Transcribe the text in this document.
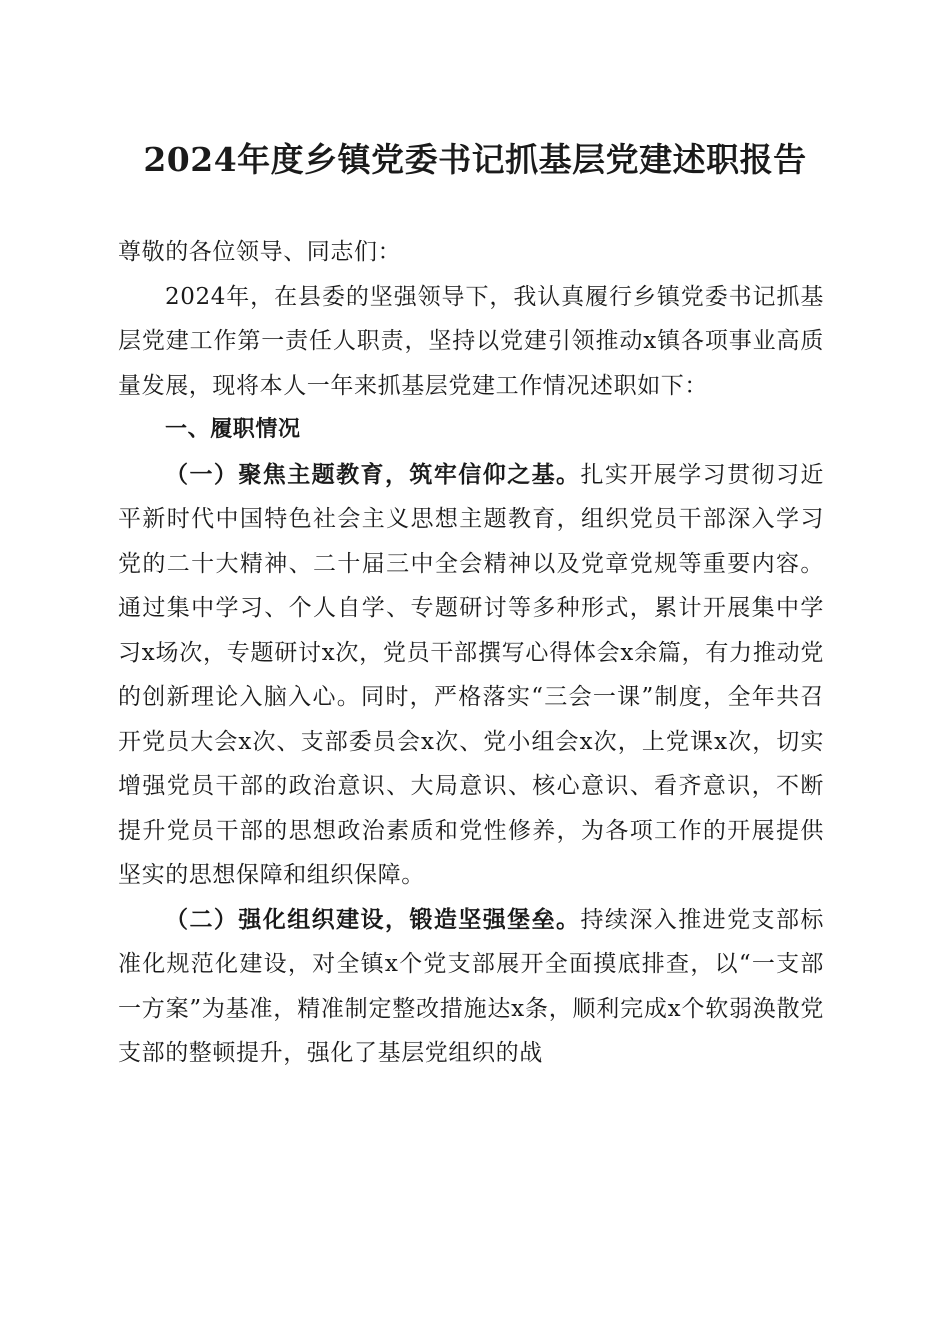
2024年度乡镇党委书记抓基层党建述职报告

尊敬的各位领导、同志们：

2024年，在县委的坚强领导下，我认真履行乡镇党委书记抓基层党建工作第一责任人职责，坚持以党建引领推动x镇各项事业高质量发展，现将本人一年来抓基层党建工作情况述职如下：

一、履职情况

（一）聚焦主题教育，筑牢信仰之基。扎实开展学习贯彻习近平新时代中国特色社会主义思想主题教育，组织党员干部深入学习党的二十大精神、二十届三中全会精神以及党章党规等重要内容。通过集中学习、个人自学、专题研讨等多种形式，累计开展集中学习x场次，专题研讨x次，党员干部撰写心得体会x余篇，有力推动党的创新理论入脑入心。同时，严格落实“三会一课”制度，全年共召开党员大会x次、支部委员会x次、党小组会x次，上党课x次，切实增强党员干部的政治意识、大局意识、核心意识、看齐意识，不断提升党员干部的思想政治素质和党性修养，为各项工作的开展提供坚实的思想保障和组织保障。

（二）强化组织建设，锻造坚强堡垒。持续深入推进党支部标准化规范化建设，对全镇x个党支部展开全面摸底排查，以“一支部一方案”为基准，精准制定整改措施达x条，顺利完成x个软弱涣散党支部的整顿提升，强化了基层党组织的战
